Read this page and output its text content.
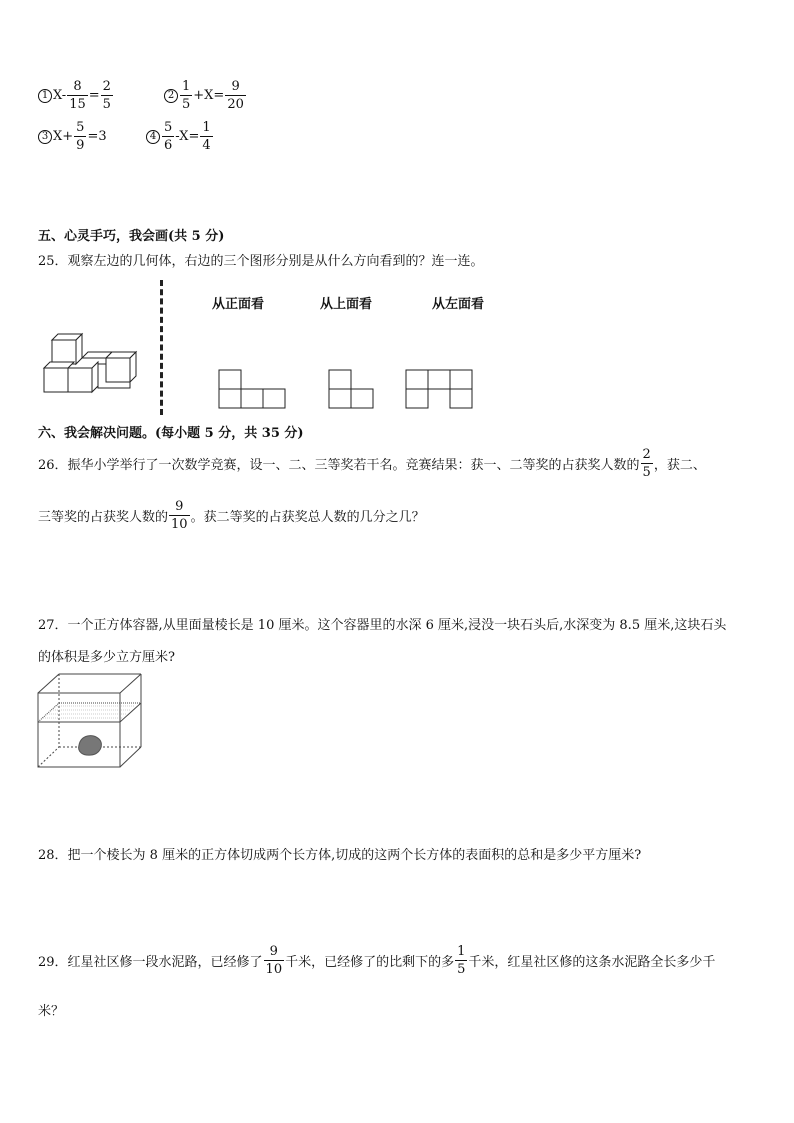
1 $X- \frac{8}{15} = \frac{2}{5}$	$2 \frac{1}{5} +X= \frac{9}{20}$
3 $X+ \frac{5}{9} =3$	$4 \frac{5}{6} -X= \frac{1}{4}$
五、心灵手巧，我会画(共 5 分)
25．观察左边的几何体，右边的三个图形分别是从什么方向看到的？连一连。
从正面看	从上面看	从左面看
六、我会解决问题。(每小题 5 分，共 35 分)
26．振华小学举行了一次数学竞赛，设一、二、三等奖若干名。竞赛结果：获一、二等奖的占获奖人数的 $\frac{2}{5}$ ，获二、
三等奖的占获奖人数的 $\frac{9}{10}$ 。获二等奖的占获奖总人数的几分之几？
27．一个正方体容器,从里面量棱长是 10 厘米。这个容器里的水深 6 厘米,浸没一块石头后,水深变为 8.5 厘米,这块石头
的体积是多少立方厘米?
28．把一个棱长为 8 厘米的正方体切成两个长方体,切成的这两个长方体的表面积的总和是多少平方厘米?
29．红星社区修一段水泥路，已经修了 $\frac{9}{10}$ 千米，已经修了的比剩下的多 $\frac{1}{5}$ 千米，红星社区修的这条水泥路全长多少千
米？
